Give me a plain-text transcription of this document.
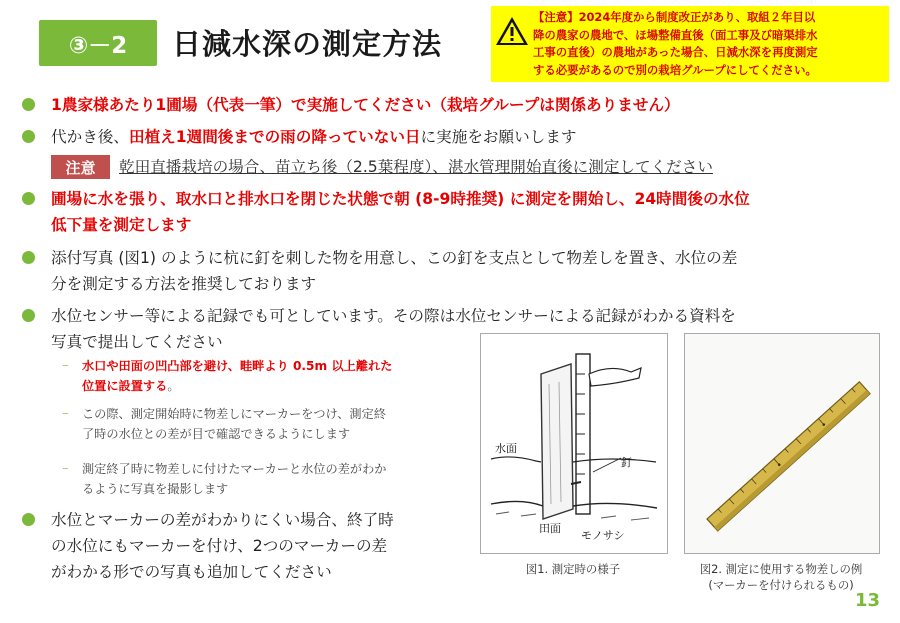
③－2	日減水深の測定方法
【注意】2024年度から制度改正があり、取組２年目以
降の農家の農地で、ほ場整備直後（面工事及び暗渠排水
工事の直後）の農地があった場合、日減水深を再度測定
する必要があるので別の栽培グループにしてください。
1農家様あたり1圃場（代表一筆）で実施してください（栽培グループは関係ありません）
代かき後、田植え1週間後までの雨の降っていない日に実施をお願いします
注意	乾田直播栽培の場合、苗立ち後（2.5葉程度）、湛水管理開始直後に測定してください
圃場に水を張り、取水口と排水口を閉じた状態で朝 (8-9時推奨) に測定を開始し、24時間後の水位
低下量を測定します
添付写真 (図1) のように杭に釘を刺した物を用意し、この釘を支点として物差しを置き、水位の差
分を測定する方法を推奨しております
水位センサー等による記録でも可としています。その際は水位センサーによる記録がわかる資料を
写真で提出してください
– 水口や田面の凹凸部を避け、畦畔より 0.5m 以上離れた
位置に設置する。
– この際、測定開始時に物差しにマーカーをつけ、測定終
了時の水位との差が目で確認できるようにします
– 測定終了時に物差しに付けたマーカーと水位の差がわか
るように写真を撮影します
水位とマーカーの差がわかりにくい場合、終了時
の水位にもマーカーを付け、2つのマーカーの差
がわかる形での写真も追加してください
水面
釘
田面
モノサシ
図1. 測定時の様子	図2. 測定に使用する物差しの例
(マーカーを付けられるもの)
13
